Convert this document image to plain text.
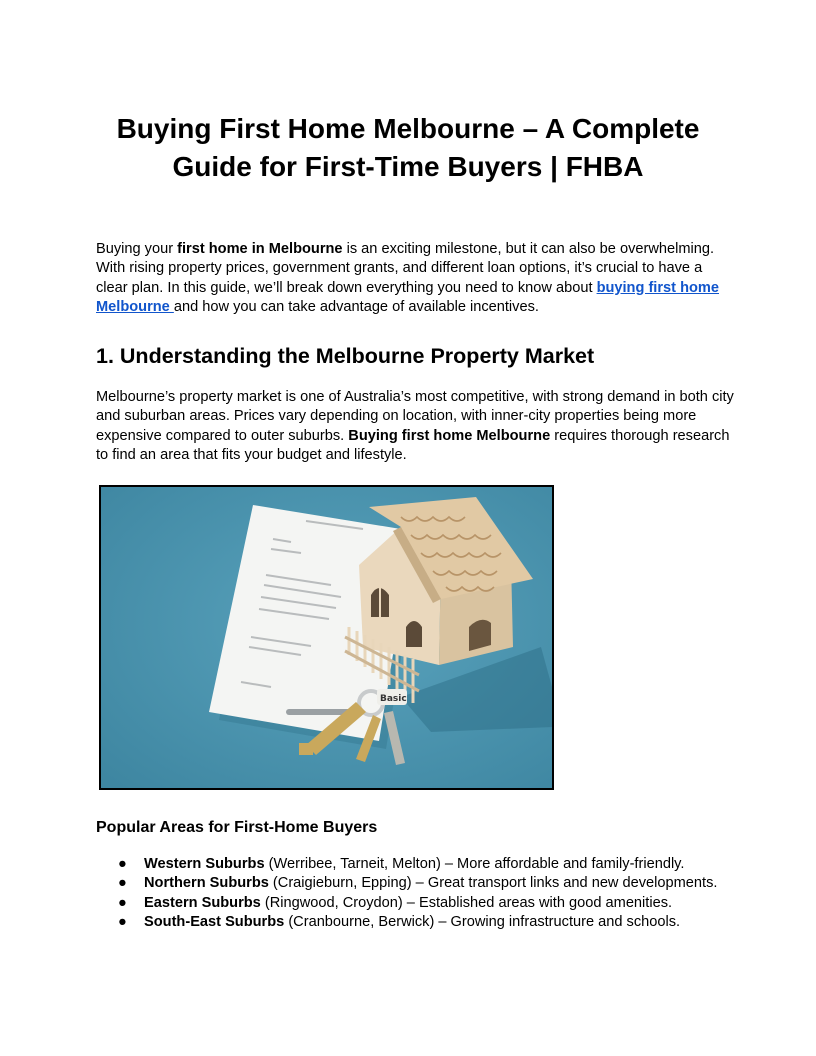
Buying First Home Melbourne – A Complete Guide for First-Time Buyers | FHBA

Buying your first home in Melbourne is an exciting milestone, but it can also be overwhelming. With rising property prices, government grants, and different loan options, it’s crucial to have a clear plan. In this guide, we’ll break down everything you need to know about buying first home Melbourne and how you can take advantage of available incentives.

1. Understanding the Melbourne Property Market

Melbourne’s property market is one of Australia’s most competitive, with strong demand in both city and suburban areas. Prices vary depending on location, with inner-city properties being more expensive compared to outer suburbs. Buying first home Melbourne requires thorough research to find an area that fits your budget and lifestyle.

Basic
Popular Areas for First-Home Buyers
● Western Suburbs (Werribee, Tarneit, Melton) – More affordable and family-friendly.
● Northern Suburbs (Craigieburn, Epping) – Great transport links and new developments.
● Eastern Suburbs (Ringwood, Croydon) – Established areas with good amenities.
● South-East Suburbs (Cranbourne, Berwick) – Growing infrastructure and schools.
